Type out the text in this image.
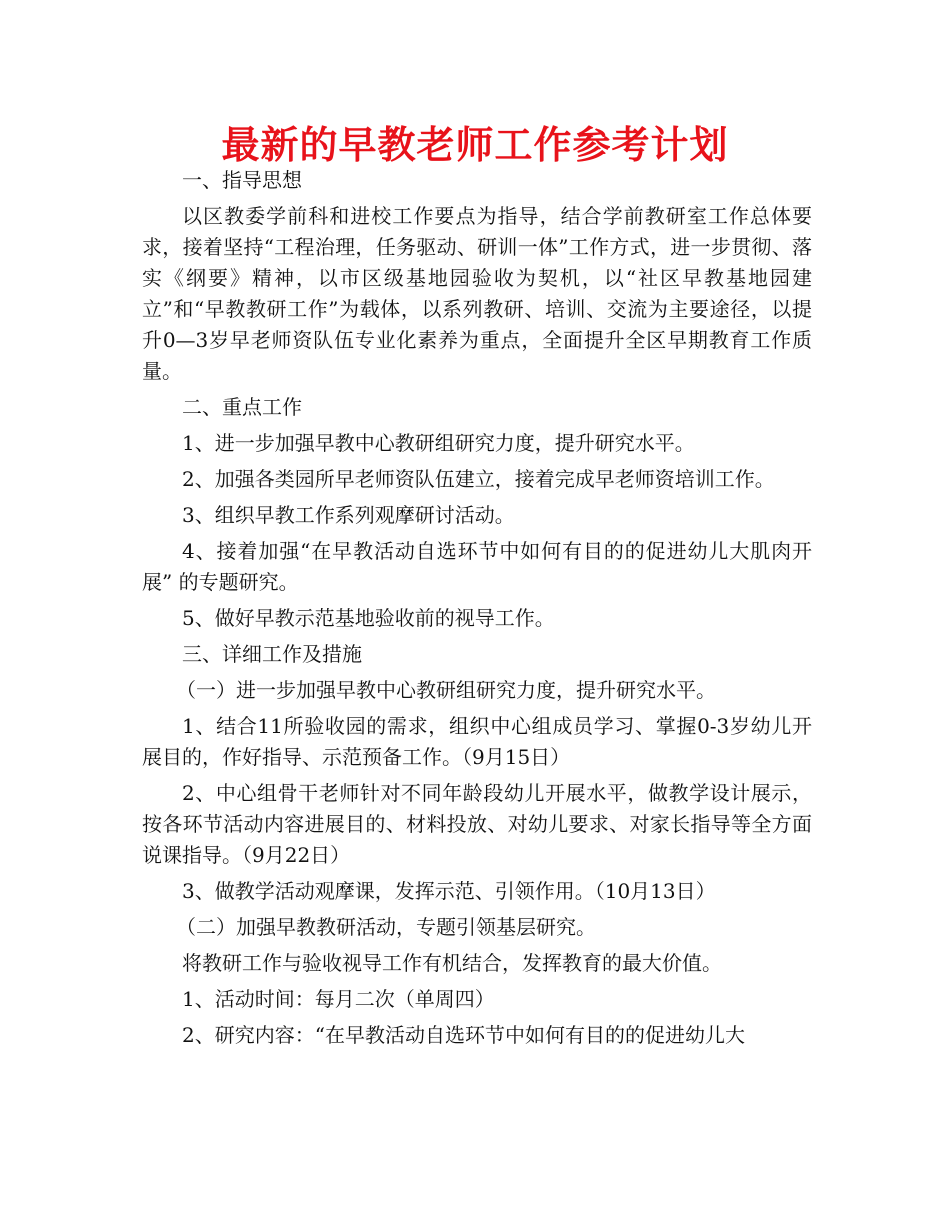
最新的早教老师工作参考计划

一、指导思想

以区教委学前科和进校工作要点为指导，结合学前教研室工作总体要求，接着坚持“工程治理，任务驱动、研训一体”工作方式，进一步贯彻、落实《纲要》精神，以市区级基地园验收为契机，以“社区早教基地园建立”和“早教教研工作”为载体，以系列教研、培训、交流为主要途径，以提升0—3岁早老师资队伍专业化素养为重点，全面提升全区早期教育工作质量。

二、重点工作

1、进一步加强早教中心教研组研究力度，提升研究水平。

2、加强各类园所早老师资队伍建立，接着完成早老师资培训工作。

3、组织早教工作系列观摩研讨活动。

4、接着加强“在早教活动自选环节中如何有目的的促进幼儿大肌肉开展” 的专题研究。

5、做好早教示范基地验收前的视导工作。

三、详细工作及措施

（一）进一步加强早教中心教研组研究力度，提升研究水平。

1、结合11所验收园的需求，组织中心组成员学习、掌握0-3岁幼儿开展目的，作好指导、示范预备工作。（9月15日）

2、中心组骨干老师针对不同年龄段幼儿开展水平，做教学设计展示，按各环节活动内容进展目的、材料投放、对幼儿要求、对家长指导等全方面说课指导。（9月22日）

3、做教学活动观摩课，发挥示范、引领作用。（10月13日）

（二）加强早教教研活动，专题引领基层研究。

将教研工作与验收视导工作有机结合，发挥教育的最大价值。

1、活动时间：每月二次（单周四）

2、研究内容：“在早教活动自选环节中如何有目的的促进幼儿大
